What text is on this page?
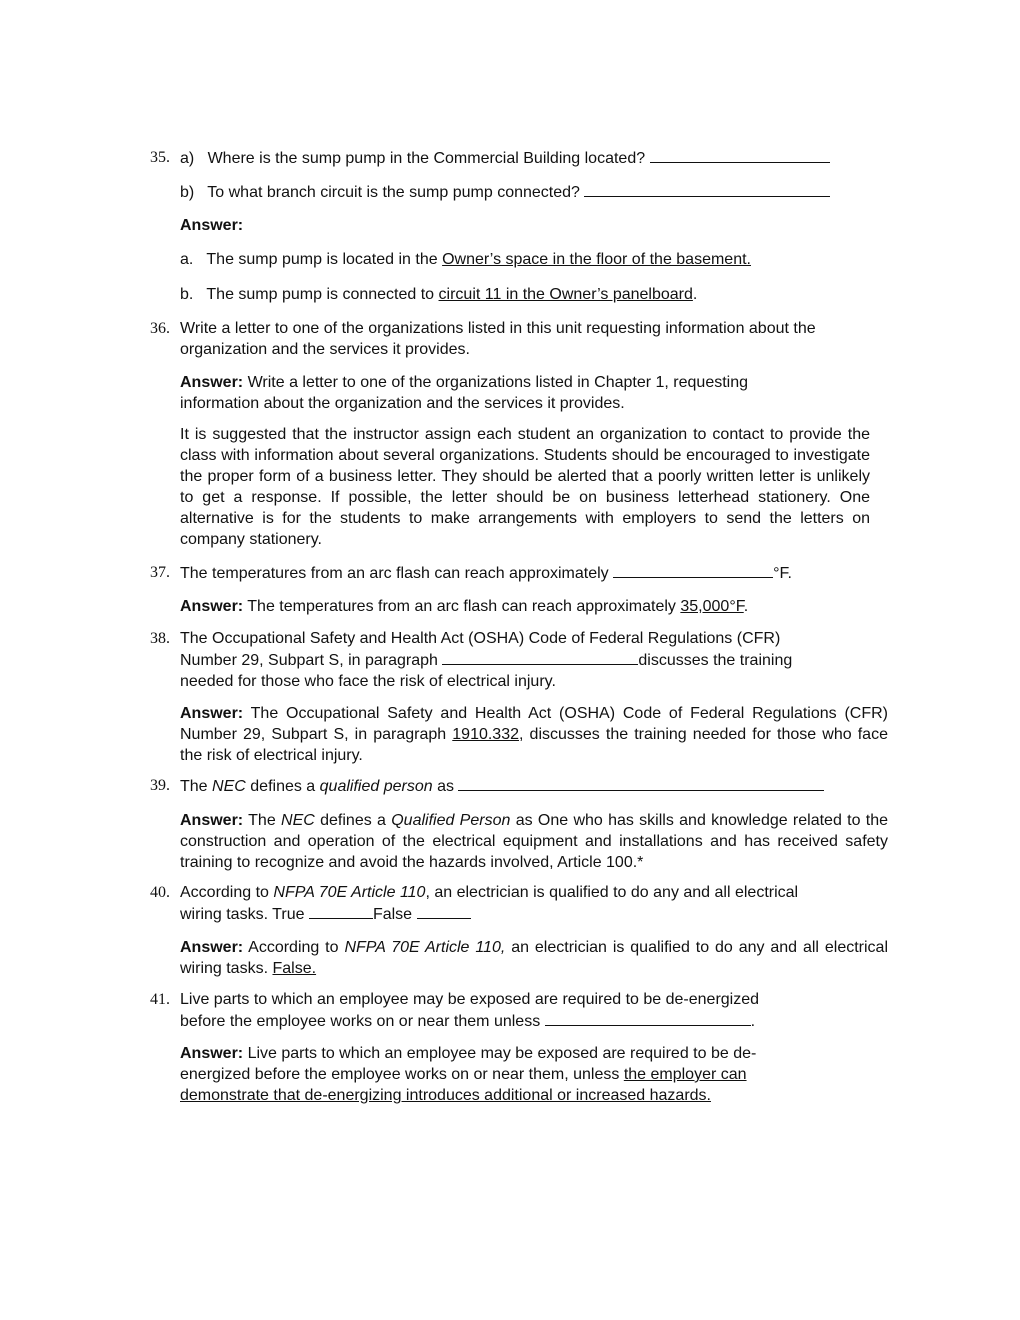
35. a) Where is the sump pump in the Commercial Building located?
b) To what branch circuit is the sump pump connected?
Answer:
a. The sump pump is located in the Owner’s space in the floor of the basement.
b. The sump pump is connected to circuit 11 in the Owner’s panelboard.
36. Write a letter to one of the organizations listed in this unit requesting information about the organization and the services it provides.
Answer: Write a letter to one of the organizations listed in Chapter 1, requesting information about the organization and the services it provides.
It is suggested that the instructor assign each student an organization to contact to provide the class with information about several organizations. Students should be encouraged to investigate the proper form of a business letter. They should be alerted that a poorly written letter is unlikely to get a response. If possible, the letter should be on business letterhead stationery. One alternative is for the students to make arrangements with employers to send the letters on company stationery.
37. The temperatures from an arc flash can reach approximately	°F.
Answer: The temperatures from an arc flash can reach approximately 35,000°F.
38. The Occupational Safety and Health Act (OSHA) Code of Federal Regulations (CFR)
Number 29, Subpart S, in paragraph	discusses the training
needed for those who face the risk of electrical injury.
Answer: The Occupational Safety and Health Act (OSHA) Code of Federal Regulations (CFR) Number 29, Subpart S, in paragraph 1910.332, discusses the training needed for those who face the risk of electrical injury.
39. The NEC defines a qualified person as
Answer: The NEC defines a Qualified Person as One who has skills and knowledge related to the construction and operation of the electrical equipment and installations and has received safety training to recognize and avoid the hazards involved, Article 100.*
40. According to NFPA 70E Article 110, an electrician is qualified to do any and all electrical
wiring tasks. True	False
Answer: According to NFPA 70E Article 110, an electrician is qualified to do any and all electrical wiring tasks. False.
41. Live parts to which an employee may be exposed are required to be de-energized
before the employee works on or near them unless	.
Answer: Live parts to which an employee may be exposed are required to be de-energized before the employee works on or near them, unless the employer can demonstrate that de-energizing introduces additional or increased hazards.
